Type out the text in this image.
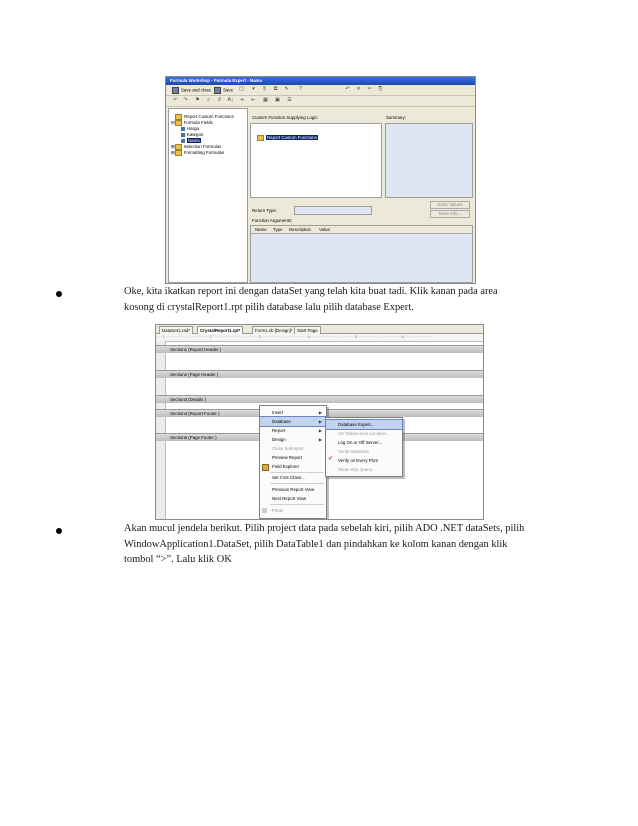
Formula Workshop - Formula Expert - Nama
Save and close	Save ▢	▾	§	⧉	✎	?	↶ ✕ ✂ ⎘
↶ ↷ ⚑	⌕	//	A↕ ⇥ ⇤ ▦ ▣ ☰
Report Custom Functions
⊟ Formula Fields
Harga
Kategori
Nama
⊞ Selection Formulas
⊞ Formatting Formulas
Custom Function Supplying Logic:	Summary:
Report Custom Functions
Enter Values
More Info...
Return Type:
Function Arguments:
Name Type Description Value

Oke, kita ikatkan report ini dengan dataSet yang telah kita buat tadi. Klik kanan pada area kosong di crystalReport1.rpt pilih database lalu pilih database Expert.

DataSet1.xsd*	CrystalReport1.rpt*	Form1.vb [Design]*	Start Page
· · · 1 · · · · · · · · · · · · · · · · · · · · 2 · · · · · · · · · · · · · · · · · · · · · 3 · · · · · · · · · · · · · · · · · · · · · 4 · · · · · · · · · · · · · · · · · · · · 5 · · · · · · · · · · · · · · · · · · · · 6 · · · · · · · · · · · · · ·
Section1 (Report Header )
Section2 (Page Header )
Section3 (Details )
Section4 (Report Footer )
Section5 (Page Footer )
Insert	▶
Database	▶
Report	▶
Design	▶
Close Subreport
Preview Report
Field Explorer
Set CSS Class...
Previous Report View
Next Report View
Paste
Database Expert...
Set Datasource Location...
Log On or Off Server...
Verify Database
✔ Verify on Every Print
Show SQL Query...

Akan mucul jendela berikut. Pilih project data pada sebelah kiri, pilih ADO .NET dataSets, pilih WindowApplication1.DataSet, pilih DataTable1 dan pindahkan ke kolom kanan dengan klik tombol “>”. Lalu klik OK
